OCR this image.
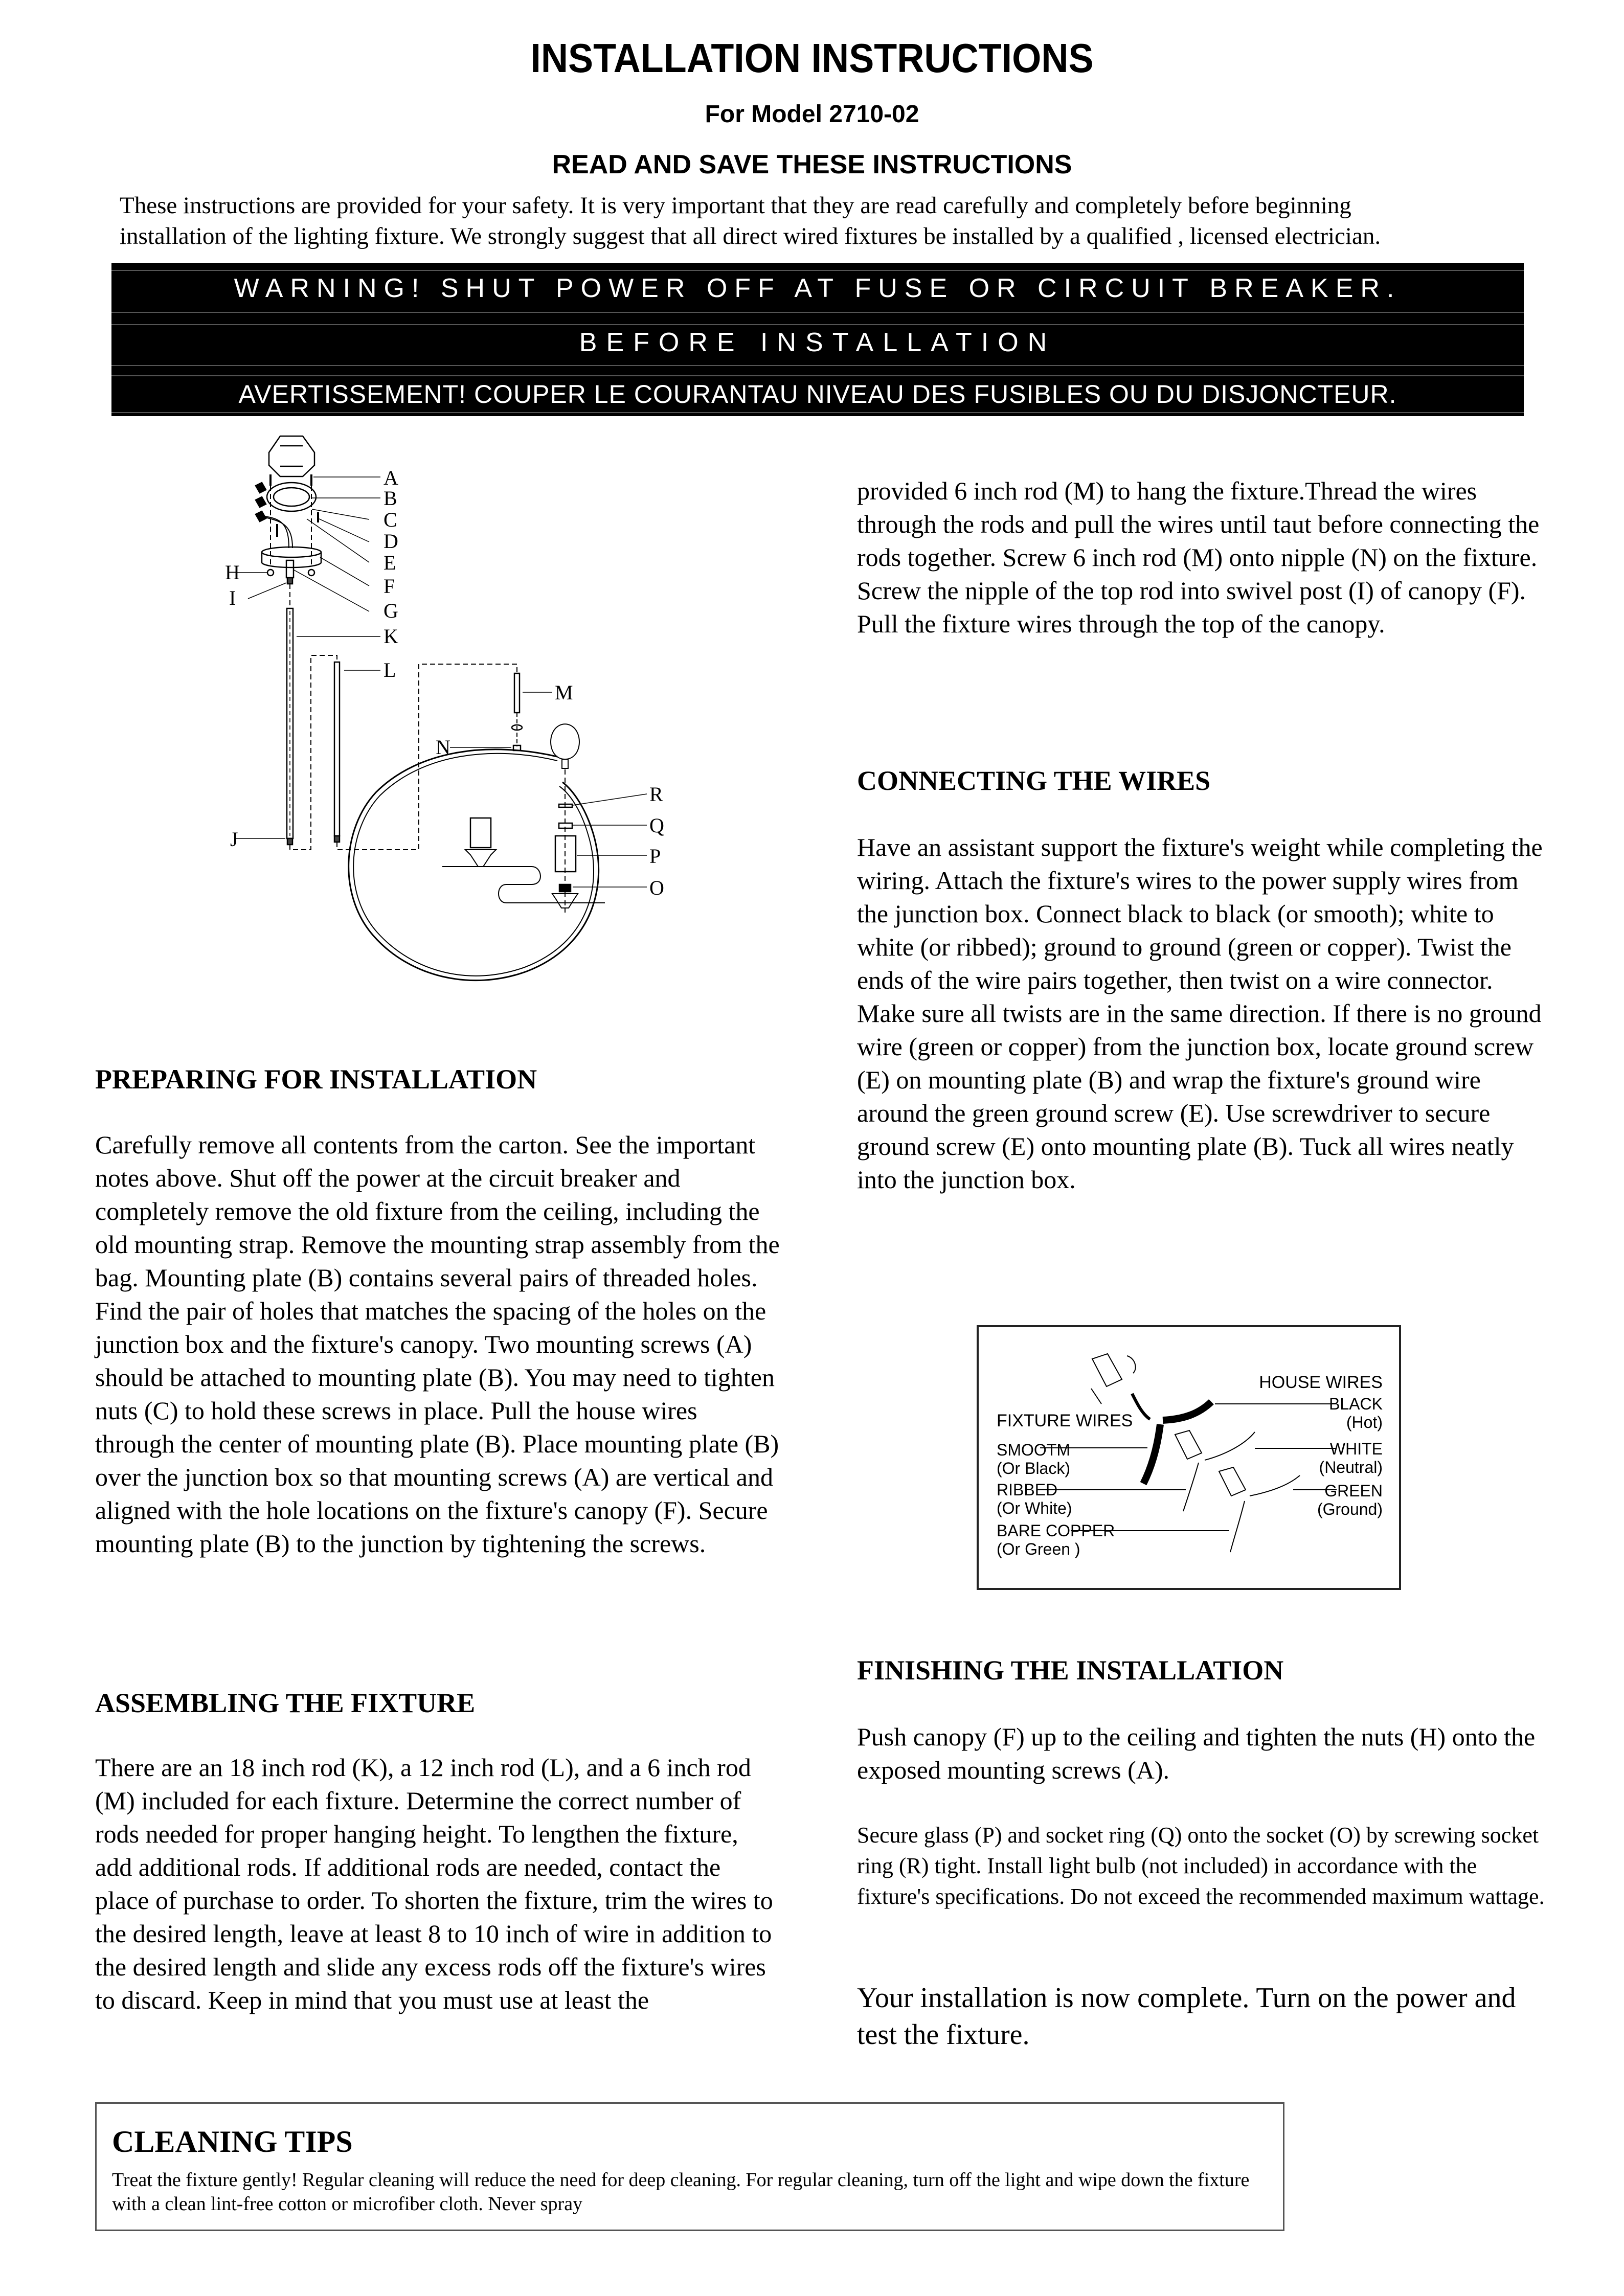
INSTALLATION INSTRUCTIONS
For Model 2710-02
READ AND SAVE THESE INSTRUCTIONS
These instructions are provided for your safety. It is very important that they are read carefully and completely before beginning
installation of the lighting fixture. We strongly suggest that all direct wired fixtures be installed by a qualified , licensed electrician.
WARNING! SHUT POWER OFF AT FUSE OR CIRCUIT BREAKER.
BEFORE INSTALLATION
AVERTISSEMENT! COUPER LE COURANTAU NIVEAU DES FUSIBLES OU DU DISJONCTEUR.
A
B
C
D
E
F
G
H
I
J
K
L
M
N
O
P
Q
R
provided 6 inch rod (M) to hang the fixture.Thread the wires through the rods and pull the wires until taut before connecting the rods together. Screw 6 inch rod (M) onto nipple (N) on the fixture. Screw the nipple of the top rod into swivel post (I) of canopy (F). Pull the fixture wires through the top of the canopy.
CONNECTING THE WIRES
Have an assistant support the fixture's weight while completing the wiring. Attach the fixture's wires to the power supply wires from the junction box. Connect black to black (or smooth); white to white (or ribbed); ground to ground (green or copper). Twist the ends of the wire pairs together, then twist on a wire connector. Make sure all twists are in the same direction. If there is no ground wire (green or copper) from the junction box, locate ground screw (E) on mounting plate (B) and wrap the fixture's ground wire around the green ground screw (E). Use screwdriver to secure ground screw (E) onto mounting plate (B). Tuck all wires neatly into the junction box.
FIXTURE WIRES
HOUSE WIRES
SMOOTM
(Or Black)
RIBBED
(Or White)
BARE COPPER
(Or Green )
BLACK
(Hot)
WHITE
(Neutral)
GREEN
(Ground)
FINISHING THE INSTALLATION
Push canopy (F) up to the ceiling and tighten the nuts (H) onto the exposed mounting screws (A).
Secure glass (P) and socket ring (Q) onto the socket (O) by screwing socket ring (R) tight. Install light bulb (not included) in accordance with the fixture's specifications. Do not exceed the recommended maximum wattage.
Your installation is now complete. Turn on the power and test the fixture.
PREPARING FOR INSTALLATION
Carefully remove all contents from the carton. See the important notes above. Shut off the power at the circuit breaker and completely remove the old fixture from the ceiling, including the old mounting strap. Remove the mounting strap assembly from the bag. Mounting plate (B) contains several pairs of threaded holes. Find the pair of holes that matches the spacing of the holes on the junction box and the fixture's canopy. Two mounting screws (A) should be attached to mounting plate (B). You may need to tighten nuts (C) to hold these screws in place. Pull the house wires through the center of mounting plate (B). Place mounting plate (B) over the junction box so that mounting screws (A) are vertical and aligned with the hole locations on the fixture's canopy (F). Secure mounting plate (B) to the junction by tightening the screws.
ASSEMBLING THE FIXTURE
There are an 18 inch rod (K), a 12 inch rod (L), and a 6 inch rod (M) included for each fixture. Determine the correct number of rods needed for proper hanging height. To lengthen the fixture, add additional rods. If additional rods are needed, contact the place of purchase to order. To shorten the fixture, trim the wires to the desired length, leave at least 8 to 10 inch of wire in addition to the desired length and slide any excess rods off the fixture's wires to discard. Keep in mind that you must use at least the
CLEANING TIPS

Treat the fixture gently! Regular cleaning will reduce the need for deep cleaning. For regular cleaning, turn off the light and wipe down the fixture with a clean lint-free cotton or microfiber cloth. Never spray
